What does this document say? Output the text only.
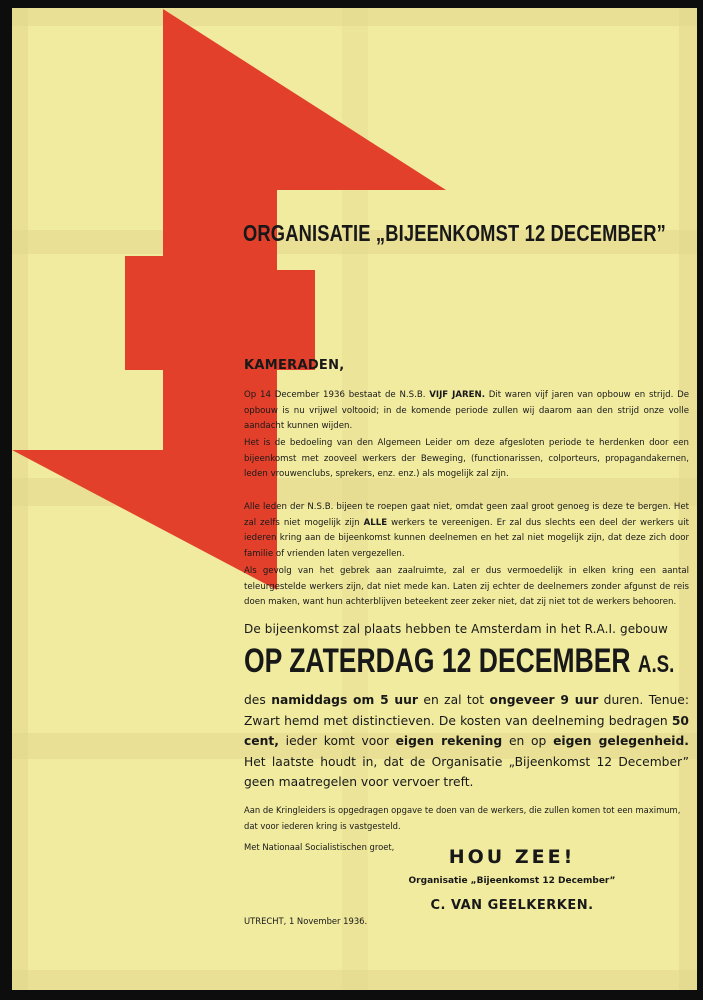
ORGANISATIE „BIJEENKOMST 12 DECEMBER”
KAMERADEN,

Op 14 December 1936 bestaat de N.S.B. VIJF JAREN. Dit waren vijf jaren van opbouw en strijd. De opbouw is nu vrijwel voltooid; in de komende periode zullen wij daarom aan den strijd onze volle aandacht kunnen wijden.

Het is de bedoeling van den Algemeen Leider om deze afgesloten periode te herdenken door een bijeenkomst met zooveel werkers der Beweging, (functionarissen, colporteurs, propagandakernen, leden vrouwenclubs, sprekers, enz. enz.) als mogelijk zal zijn.

Alle leden der N.S.B. bijeen te roepen gaat niet, omdat geen zaal groot genoeg is deze te bergen. Het zal zelfs niet mogelijk zijn ALLE werkers te vereenigen. Er zal dus slechts een deel der werkers uit iederen kring aan de bijeenkomst kunnen deelnemen en het zal niet mogelijk zijn, dat deze zich door familie of vrienden laten vergezellen.

Als gevolg van het gebrek aan zaalruimte, zal er dus vermoedelijk in elken kring een aantal teleurgestelde werkers zijn, dat niet mede kan. Laten zij echter de deelnemers zonder afgunst de reis doen maken, want hun achterblijven beteekent zeer zeker niet, dat zij niet tot de werkers behooren.

De bijeenkomst zal plaats hebben te Amsterdam in het R.A.I. gebouw
OP ZATERDAG 12 DECEMBER A.S.

des namiddags om 5 uur en zal tot ongeveer 9 uur duren. Tenue: Zwart hemd met distinctieven. De kosten van deelneming bedragen 50 cent, ieder komt voor eigen rekening en op eigen gelegenheid. Het laatste houdt in, dat de Organisatie „Bijeenkomst 12 December” geen maatregelen voor vervoer treft.

Aan de Kringleiders is opgedragen opgave te doen van de werkers, die zullen komen tot een maximum, dat voor iederen kring is vastgesteld.
Met Nationaal Socialistischen groet,	HOU ZEE!
Organisatie „Bijeenkomst 12 December”
C. VAN GEELKERKEN.
UTRECHT, 1 November 1936.
